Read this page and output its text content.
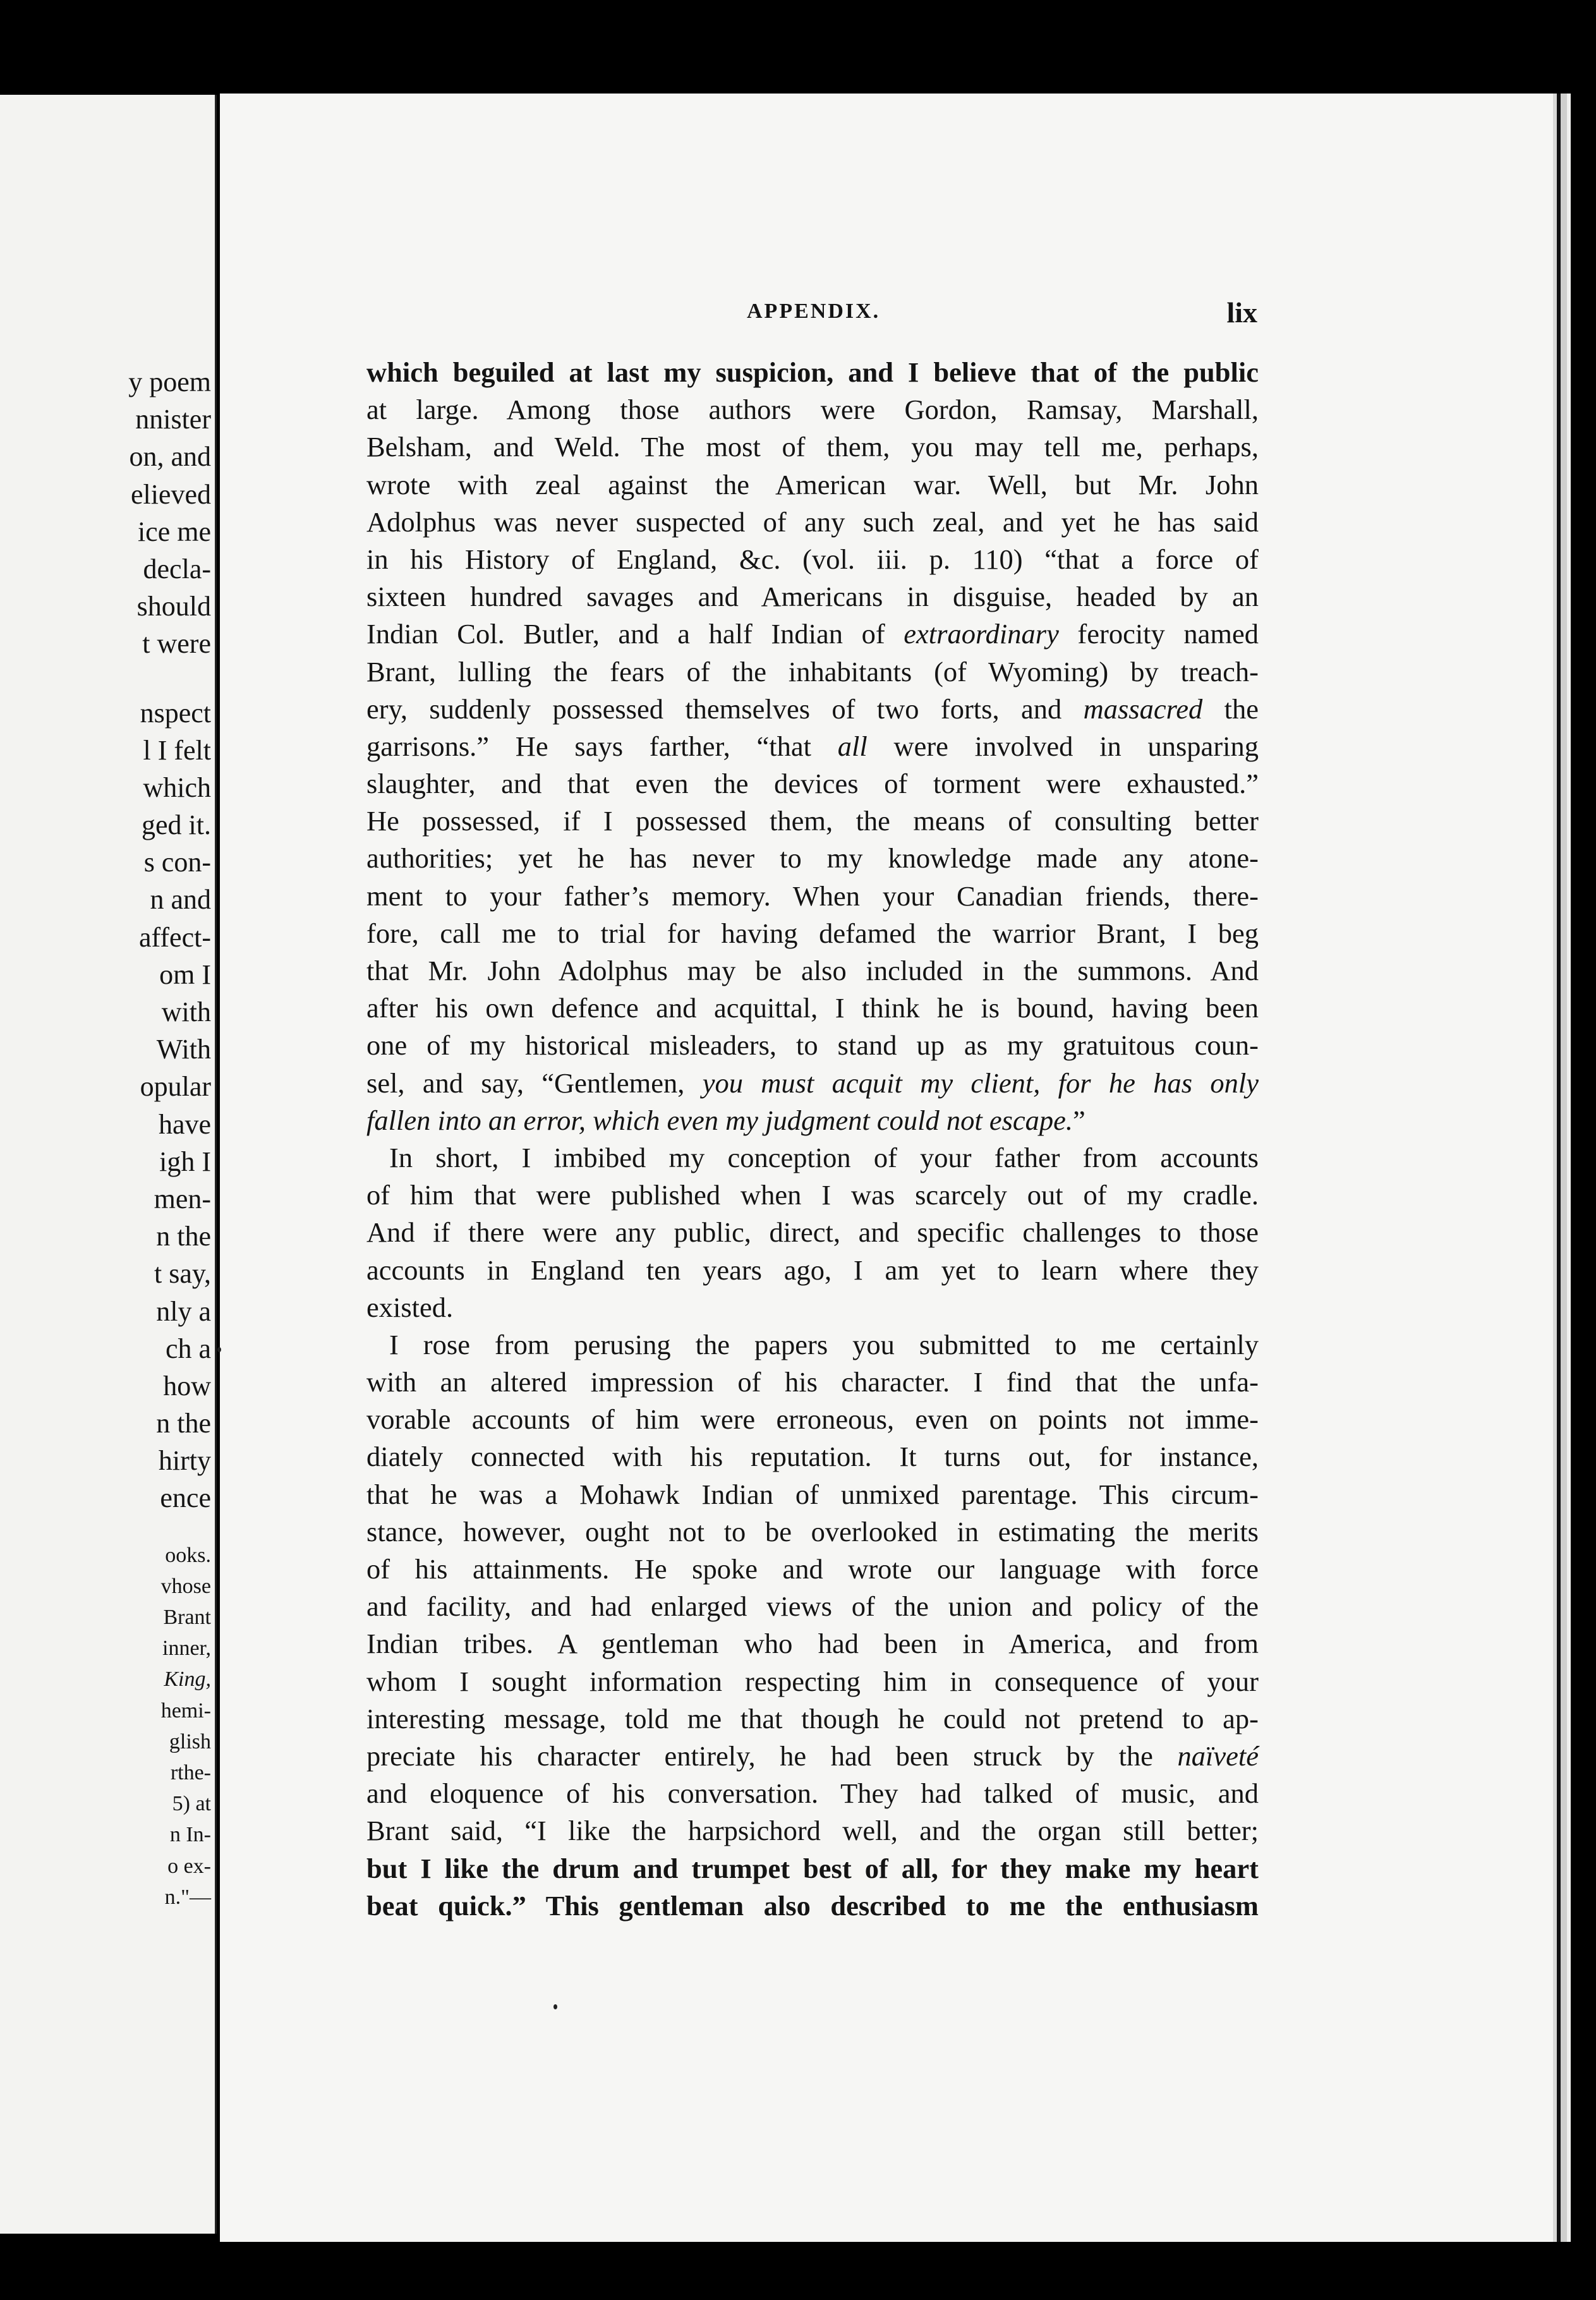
y poem
nnister
on, and
elieved
ice me
decla-
should
t were
nspect
l I felt
which
ged it.
s con-
n and
affect-
om I
with
With
opular
have
igh I
men-
n the
t say,
nly a
ch a
how
n the
hirty
ence
ooks.
vhose
Brant
inner,
King,
hemi-
glish
rthe-
5) at
n In-
o ex-
n."—
APPENDIX.	lix
which beguiled at last my suspicion, and I believe that of the public
at large. Among those authors were Gordon, Ramsay, Marshall,
Belsham, and Weld. The most of them, you may tell me, perhaps,
wrote with zeal against the American war. Well, but Mr. John
Adolphus was never suspected of any such zeal, and yet he has said
in his History of England, &c. (vol. iii. p. 110) “that a force of
sixteen hundred savages and Americans in disguise, headed by an
Indian Col. Butler, and a half Indian of extraordinary ferocity named
Brant, lulling the fears of the inhabitants (of Wyoming) by treach-
ery, suddenly possessed themselves of two forts, and massacred the
garrisons.” He says farther, “that all were involved in unsparing
slaughter, and that even the devices of torment were exhausted.”
He possessed, if I possessed them, the means of consulting better
authorities; yet he has never to my knowledge made any atone-
ment to your father’s memory. When your Canadian friends, there-
fore, call me to trial for having defamed the warrior Brant, I beg
that Mr. John Adolphus may be also included in the summons. And
after his own defence and acquittal, I think he is bound, having been
one of my historical misleaders, to stand up as my gratuitous coun-
sel, and say, “Gentlemen, you must acquit my client, for he has only
fallen into an error, which even my judgment could not escape.”
In short, I imbibed my conception of your father from accounts
of him that were published when I was scarcely out of my cradle.
And if there were any public, direct, and specific challenges to those
accounts in England ten years ago, I am yet to learn where they
existed.
I rose from perusing the papers you submitted to me certainly
with an altered impression of his character. I find that the unfa-
vorable accounts of him were erroneous, even on points not imme-
diately connected with his reputation. It turns out, for instance,
that he was a Mohawk Indian of unmixed parentage. This circum-
stance, however, ought not to be overlooked in estimating the merits
of his attainments. He spoke and wrote our language with force
and facility, and had enlarged views of the union and policy of the
Indian tribes. A gentleman who had been in America, and from
whom I sought information respecting him in consequence of your
interesting message, told me that though he could not pretend to ap-
preciate his character entirely, he had been struck by the naïveté
and eloquence of his conversation. They had talked of music, and
Brant said, “I like the harpsichord well, and the organ still better;
but I like the drum and trumpet best of all, for they make my heart
beat quick.” This gentleman also described to me the enthusiasm
